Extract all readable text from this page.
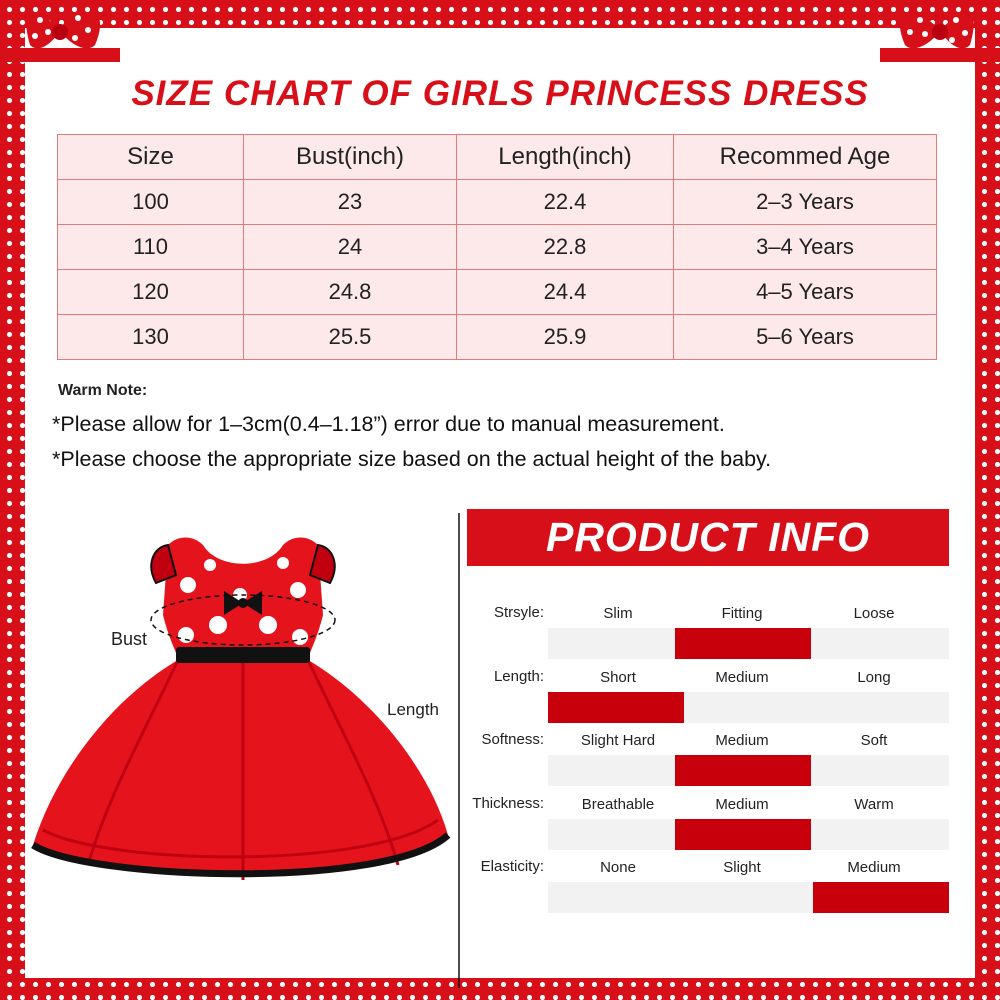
SIZE CHART OF GIRLS PRINCESS DRESS
Size	Bust(inch)	Length(inch)	Recommed Age
100	23	22.4	2–3 Years
110	24	22.8	3–4 Years
120	24.8	24.4	4–5 Years
130	25.5	25.9	5–6 Years
Warm Note:
*Please allow for 1–3cm(0.4–1.18”) error due to manual measurement.
*Please choose the appropriate size based on the actual height of the baby.
Bust
Length
PRODUCT INFO
Strsyle:	Slim	Fitting	Loose
Length:	Short	Medium	Long
Softness:	Slight Hard	Medium	Soft
Thickness:	Breathable	Medium	Warm
Elasticity:	None	Slight	Medium
